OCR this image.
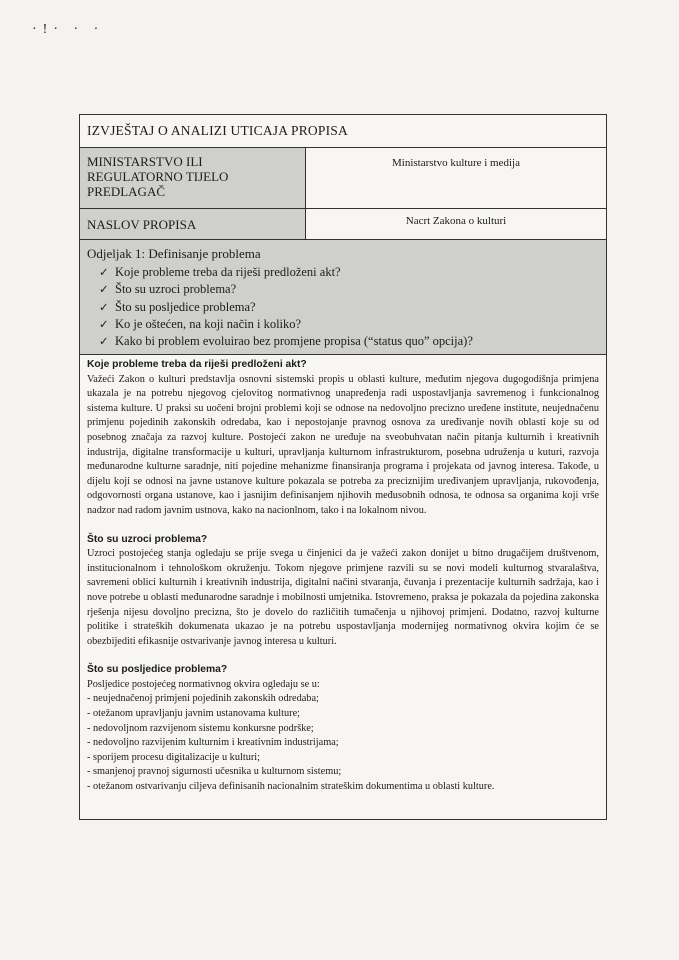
·!· · ·
IZVJEŠTAJ O ANALIZI UTICAJA PROPISA
MINISTARSTVO ILI REGULATORNO TIJELO PREDLAGAČ
Ministarstvo kulture i medija
NASLOV PROPISA	Nacrt Zakona o kulturi
Odjeljak 1: Definisanje problema
✓ Koje probleme treba da riješi predloženi akt?
✓ Što su uzroci problema?
✓ Što su posljedice problema?
✓ Ko je oštećen, na koji način i koliko?
✓ Kako bi problem evoluirao bez promjene propisa (“status quo” opcija)?

Koje probleme treba da riješi predloženi akt?

Važeći Zakon o kulturi predstavlja osnovni sistemski propis u oblasti kulture, međutim njegova dugogodišnja primjena ukazala je na potrebu njegovog cjelovitog normativnog unapređenja radi uspostavljanja savremenog i funkcionalnog sistema kulture. U praksi su uočeni brojni problemi koji se odnose na nedovoljno precizno uređene institute, neujednačenu primjenu pojedinih zakonskih odredaba, kao i nepostojanje pravnog osnova za uređivanje novih oblasti koje su od posebnog značaja za razvoj kulture. Postojeći zakon ne uređuje na sveobuhvatan način pitanja kulturnih i kreativnih industrija, digitalne transformacije u kulturi, upravljanja kulturnom infrastrukturom, posebna udruženja u kuturi, razvoja međunarodne kulturne saradnje, niti pojedine mehanizme finansiranja programa i projekata od javnog interesa. Takođe, u dijelu koji se odnosi na javne ustanove kulture pokazala se potreba za preciznijim uređivanjem upravljanja, rukovođenja, odgovornosti organa ustanove, kao i jasnijim definisanjem njihovih međusobnih odnosa, te odnosa sa organima koji vrše nadzor nad radom javnim ustnova, kako na nacionlnom, tako i na lokalnom nivou.

Što su uzroci problema?

Uzroci postojećeg stanja ogledaju se prije svega u činjenici da je važeći zakon donijet u bitno drugačijem društvenom, institucionalnom i tehnološkom okruženju. Tokom njegove primjene razvili su se novi modeli kulturnog stvaralaštva, savremeni oblici kulturnih i kreativnih industrija, digitalni načini stvaranja, čuvanja i prezentacije kulturnih sadržaja, kao i nove potrebe u oblasti međunarodne saradnje i mobilnosti umjetnika. Istovremeno, praksa je pokazala da pojedina zakonska rješenja nijesu dovoljno precizna, što je dovelo do različitih tumačenja u njihovoj primjeni. Dodatno, razvoj kulturne politike i strateških dokumenata ukazao je na potrebu uspostavljanja modernijeg normativnog okvira kojim će se obezbijediti efikasnije ostvarivanje javnog interesa u kulturi.

Što su posljedice problema?

Posljedice postojećeg normativnog okvira ogledaju se u:
- neujednačenoj primjeni pojedinih zakonskih odredaba;
- otežanom upravljanju javnim ustanovama kulture;
- nedovoljnom razvijenom sistemu konkursne podrške;
- nedovoljno razvijenim kulturnim i kreativnim industrijama;
- sporijem procesu digitalizacije u kulturi;
- smanjenoj pravnoj sigurnosti učesnika u kulturnom sistemu;
- otežanom ostvarivanju ciljeva definisanih nacionalnim strateškim dokumentima u oblasti kulture.
